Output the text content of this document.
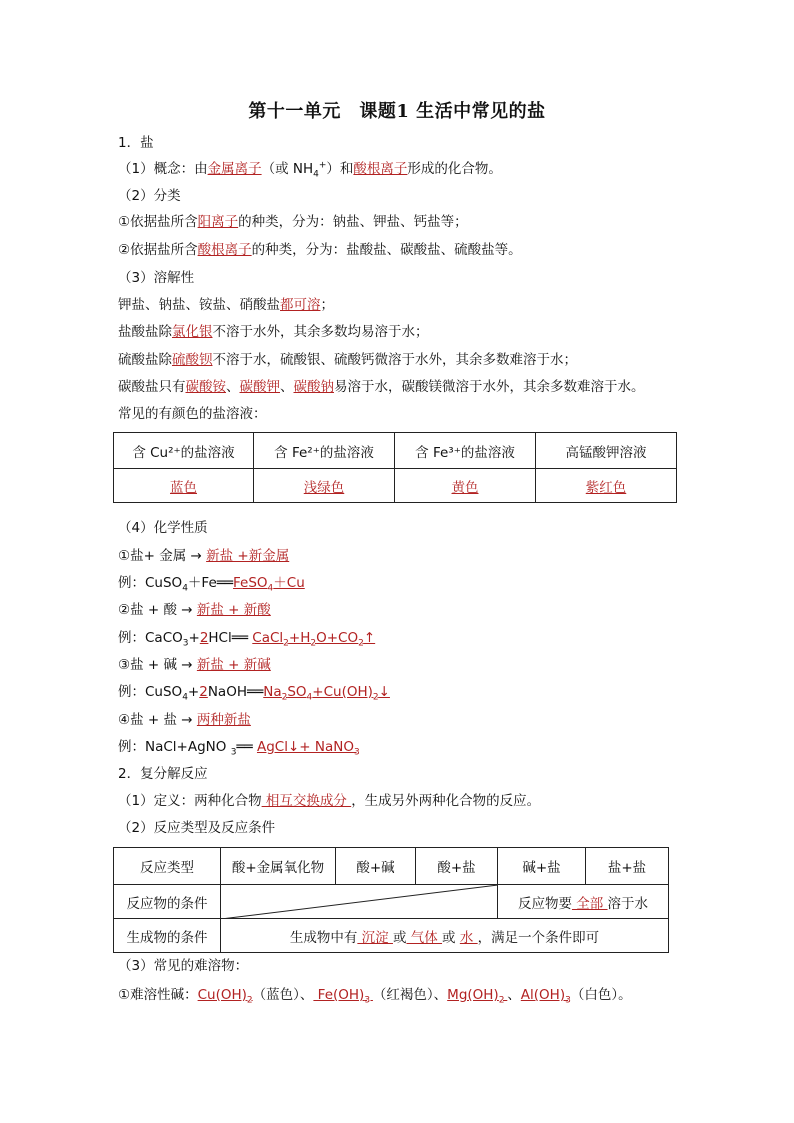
第十一单元　课题1 生活中常见的盐
1．盐
（1）概念：由金属离子（或 $NH_4^+$）和酸根离子形成的化合物。
（2）分类
①依据盐所含阳离子的种类，分为：钠盐、钾盐、钙盐等；
②依据盐所含酸根离子的种类，分为：盐酸盐、碳酸盐、硫酸盐等。
（3）溶解性
钾盐、钠盐、铵盐、硝酸盐都可溶；
盐酸盐除氯化银不溶于水外，其余多数均易溶于水；
硫酸盐除硫酸钡不溶于水，硫酸银、硫酸钙微溶于水外，其余多数难溶于水；
碳酸盐只有碳酸铵、碳酸钾、碳酸钠易溶于水，碳酸镁微溶于水外，其余多数难溶于水。
常见的有颜色的盐溶液：
含 Cu²⁺的盐溶液	含 Fe²⁺的盐溶液	含 Fe³⁺的盐溶液	高锰酸钾溶液
蓝色	浅绿色	黄色	紫红色
（4）化学性质
①盐+ 金属 → 新盐 +新金属
例：CuSO$_4$＋Fe══FeSO$_4$＋Cu
②盐 + 酸 → 新盐 + 新酸
例：CaCO$_3$+2HCl══ $CaCl_2+H_2O+CO_2↑$
③盐 + 碱 → 新盐 + 新碱
例：$CuSO_4+2NaOH══Na_2SO_4+Cu(OH)_2↓$
④盐 + 盐 → 两种新盐
例：NaCl+AgNO $_3$══ AgCl↓+ NaNO$_3$
2．复分解反应
（1）定义：两种化合物 相互交换成分 ，生成另外两种化合物的反应。
（2）反应类型及反应条件
反应类型	酸+金属氧化物	酸+碱	酸+盐	碱+盐	盐+盐
反应物的条件				反应物要 全部 溶于水	
生成物的条件	生成物中有 沉淀 或 气体 或 水 ，满足一个条件即可				
（3）常见的难溶物：
①难溶性碱：$Cu(OH)_2$（蓝色）、 $Fe(OH)_3$ （红褐色）、$Mg(OH)_2$ 、$Al(OH)_3$（白色）。
